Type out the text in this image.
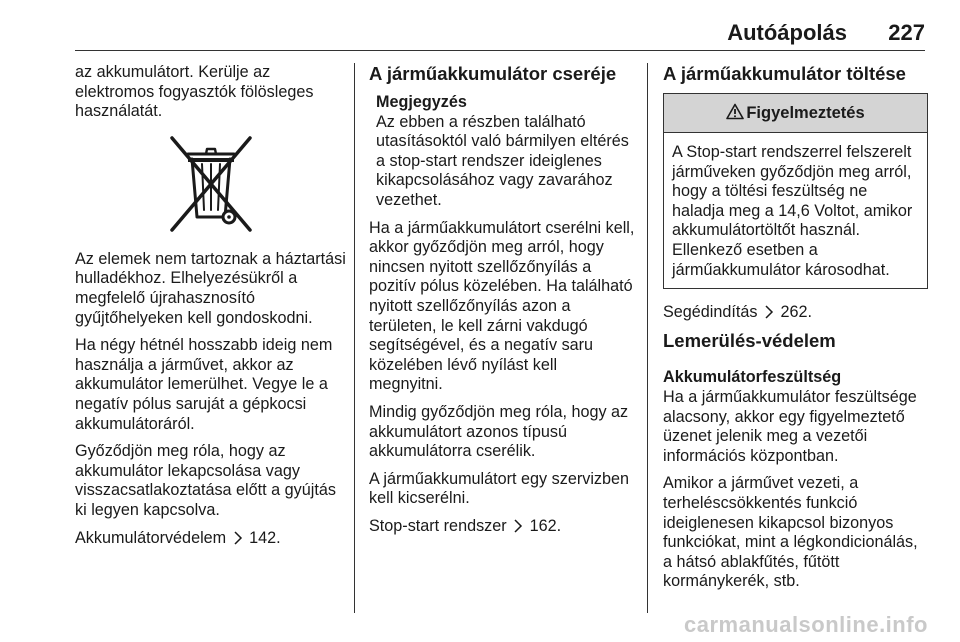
Autóápolás 227

az akkumulátort. Kerülje az elektromos fogyasztók fölösleges használatát.

Az elemek nem tartoznak a háztartási hulladékhoz. Elhelyezésükről a megfelelő újrahasznosító gyűjtőhelyeken kell gondoskodni.

Ha négy hétnél hosszabb ideig nem használja a járművet, akkor az akkumulátor lemerülhet. Vegye le a negatív pólus saruját a gépkocsi akkumulátoráról.

Győződjön meg róla, hogy az akkumulátor lekapcsolása vagy visszacsatlakoztatása előtt a gyújtás ki legyen kapcsolva.

Akkumulátorvédelem 142.

A járműakkumulátor cseréje
Megjegyzés
Az ebben a részben található utasításoktól való bármilyen eltérés a stop-start rendszer ideiglenes kikapcsolásához vagy zavarához vezethet.

Ha a járműakkumulátort cserélni kell, akkor győződjön meg arról, hogy nincsen nyitott szellőzőnyílás a pozitív pólus közelében. Ha található nyitott szellőzőnyílás azon a területen, le kell zárni vakdugó segítségével, és a negatív saru közelében lévő nyílást kell megnyitni.

Mindig győződjön meg róla, hogy az akkumulátort azonos típusú akkumulátorra cserélik.

A járműakkumulátort egy szervizben kell kicserélni.

Stop-start rendszer 162.

A járműakkumulátor töltése
Figyelmeztetés

A Stop-start rendszerrel felszerelt járműveken győződjön meg arról, hogy a töltési feszültség ne haladja meg a 14,6 Voltot, amikor akkumulátortöltőt használ.

Ellenkező esetben a járműakkumulátor károsodhat.

Segédindítás 262.

Lemerülés-védelem
Akkumulátorfeszültség

Ha a járműakkumulátor feszültsége alacsony, akkor egy figyelmeztető üzenet jelenik meg a vezetői információs központban.

Amikor a járművet vezeti, a terheléscsökkentés funkció ideiglenesen kikapcsol bizonyos funkciókat, mint a légkondicionálás, a hátsó ablakfűtés, fűtött kormánykerék, stb.

carmanualsonline.info
